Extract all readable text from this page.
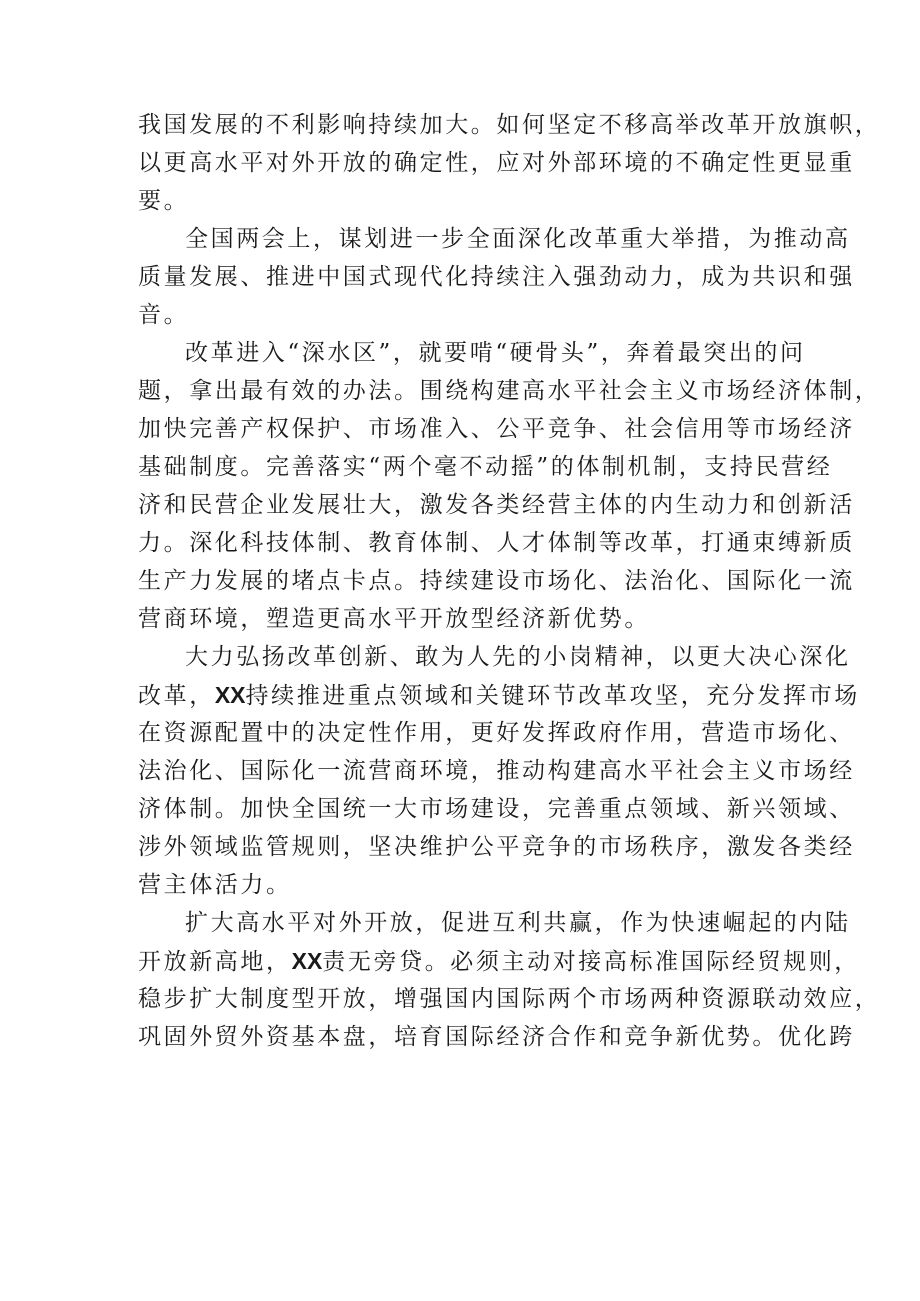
我国发展的不利影响持续加大。如何坚定不移高举改革开放旗帜，
以更高水平对外开放的确定性，应对外部环境的不确定性更显重
要。
全国两会上，谋划进一步全面深化改革重大举措，为推动高
质量发展、推进中国式现代化持续注入强劲动力，成为共识和强
音。
改革进入“深水区”，就要啃“硬骨头”，奔着最突出的问
题，拿出最有效的办法。围绕构建高水平社会主义市场经济体制，
加快完善产权保护、市场准入、公平竞争、社会信用等市场经济
基础制度。完善落实“两个毫不动摇”的体制机制，支持民营经
济和民营企业发展壮大，激发各类经营主体的内生动力和创新活
力。深化科技体制、教育体制、人才体制等改革，打通束缚新质
生产力发展的堵点卡点。持续建设市场化、法治化、国际化一流
营商环境，塑造更高水平开放型经济新优势。
大力弘扬改革创新、敢为人先的小岗精神，以更大决心深化
改革，XX持续推进重点领域和关键环节改革攻坚，充分发挥市场
在资源配置中的决定性作用，更好发挥政府作用，营造市场化、
法治化、国际化一流营商环境，推动构建高水平社会主义市场经
济体制。加快全国统一大市场建设，完善重点领域、新兴领域、
涉外领域监管规则，坚决维护公平竞争的市场秩序，激发各类经
营主体活力。
扩大高水平对外开放，促进互利共赢，作为快速崛起的内陆
开放新高地，XX责无旁贷。必须主动对接高标准国际经贸规则，
稳步扩大制度型开放，增强国内国际两个市场两种资源联动效应，
巩固外贸外资基本盘，培育国际经济合作和竞争新优势。优化跨
